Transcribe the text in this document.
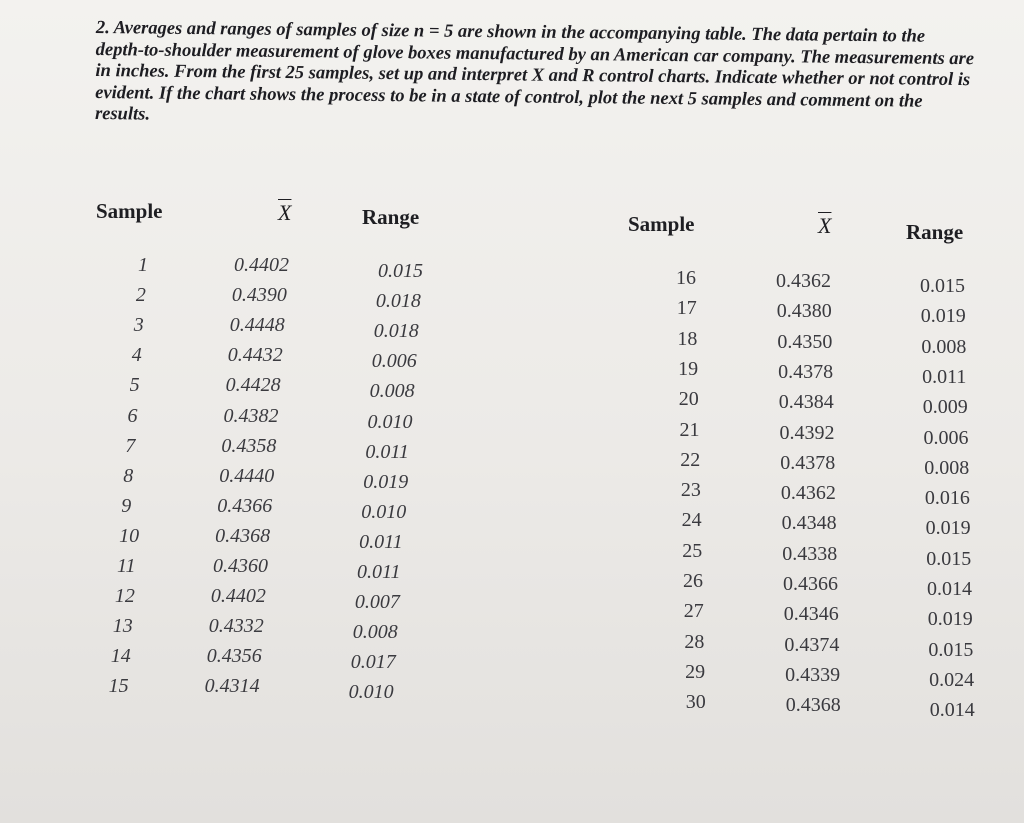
2. Averages and ranges of samples of size n = 5 are shown in the accompanying table. The data pertain to the depth-to-shoulder measurement of glove boxes manufactured by an American car company. The measurements are in inches. From the first 25 samples, set up and interpret X and R control charts. Indicate whether or not control is evident. If the chart shows the process to be in a state of control, plot the next 5 samples and comment on the results.

Sample	$\overline{X}$	Range	Sample	$\overline{X}$	Range
1	0.4402	0.015
2	0.4390	0.018
3	0.4448	0.018
4	0.4432	0.006
5	0.4428	0.008
6	0.4382	0.010
7	0.4358	0.011
8	0.4440	0.019
9	0.4366	0.010
10	0.4368	0.011
11	0.4360	0.011
12	0.4402	0.007
13	0.4332	0.008
14	0.4356	0.017
15	0.4314	0.010
16	0.4362	0.015
17	0.4380	0.019
18	0.4350	0.008
19	0.4378	0.011
20	0.4384	0.009
21	0.4392	0.006
22	0.4378	0.008
23	0.4362	0.016
24	0.4348	0.019
25	0.4338	0.015
26	0.4366	0.014
27	0.4346	0.019
28	0.4374	0.015
29	0.4339	0.024
30	0.4368	0.014
